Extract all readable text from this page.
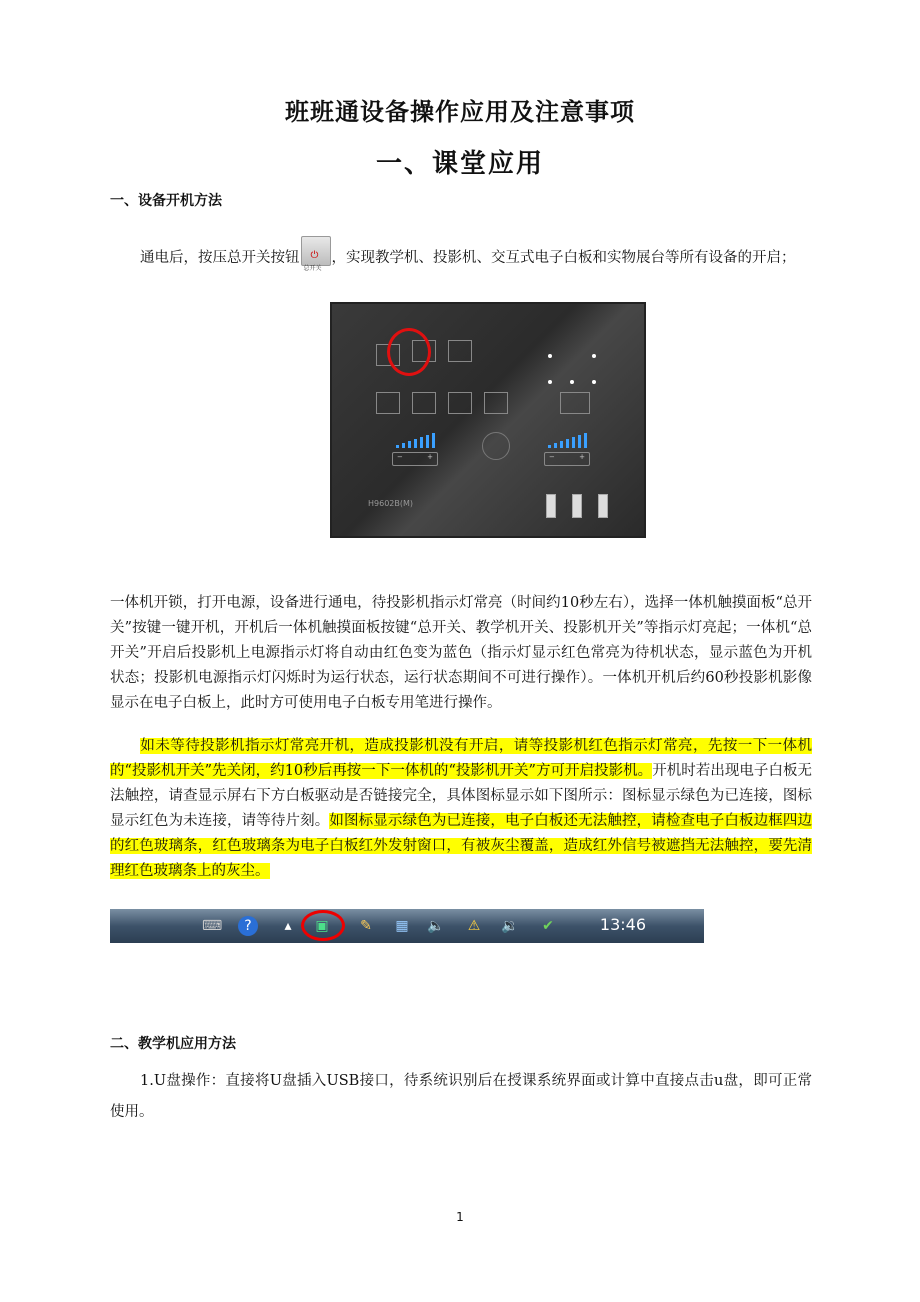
班班通设备操作应用及注意事项
一、课堂应用
一、设备开机方法
通电后，按压总开关按钮 ⏻
总开关
，实现教学机、投影机、交互式电子白板和实物展台等所有设备的开启；
−	+	−	+
H9602B(M)
一体机开锁，打开电源，设备进行通电，待投影机指示灯常亮（时间约10秒左右），选择一体机触摸面板“总开关”按键一键开机，开机后一体机触摸面板按键“总开关、教学机开关、投影机开关”等指示灯亮起；一体机“总开关”开启后投影机上电源指示灯将自动由红色变为蓝色（指示灯显示红色常亮为待机状态，显示蓝色为开机状态；投影机电源指示灯闪烁时为运行状态，运行状态期间不可进行操作）。一体机开机后约60秒投影机影像显示在电子白板上，此时方可使用电子白板专用笔进行操作。
如未等待投影机指示灯常亮开机，造成投影机没有开启，请等投影机红色指示灯常亮，先按一下一体机的“投影机开关”先关闭，约10秒后再按一下一体机的“投影机开关”方可开启投影机。开机时若出现电子白板无法触控，请查显示屏右下方白板驱动是否链接完全，具体图标显示如下图所示：图标显示绿色为已连接，图标显示红色为未连接，请等待片刻。如图标显示绿色为已连接，电子白板还无法触控，请检查电子白板边框四边的红色玻璃条，红色玻璃条为电子白板红外发射窗口，有被灰尘覆盖，造成红外信号被遮挡无法触控，要先清理红色玻璃条上的灰尘。
⌨	?	▴	▣ ✎ ▦ 🔈 ⚠ 🔉 ✔	13:46
二、教学机应用方法
1.U盘操作：直接将U盘插入USB接口，待系统识别后在授课系统界面或计算中直接点击u盘，即可正常使用。
1
